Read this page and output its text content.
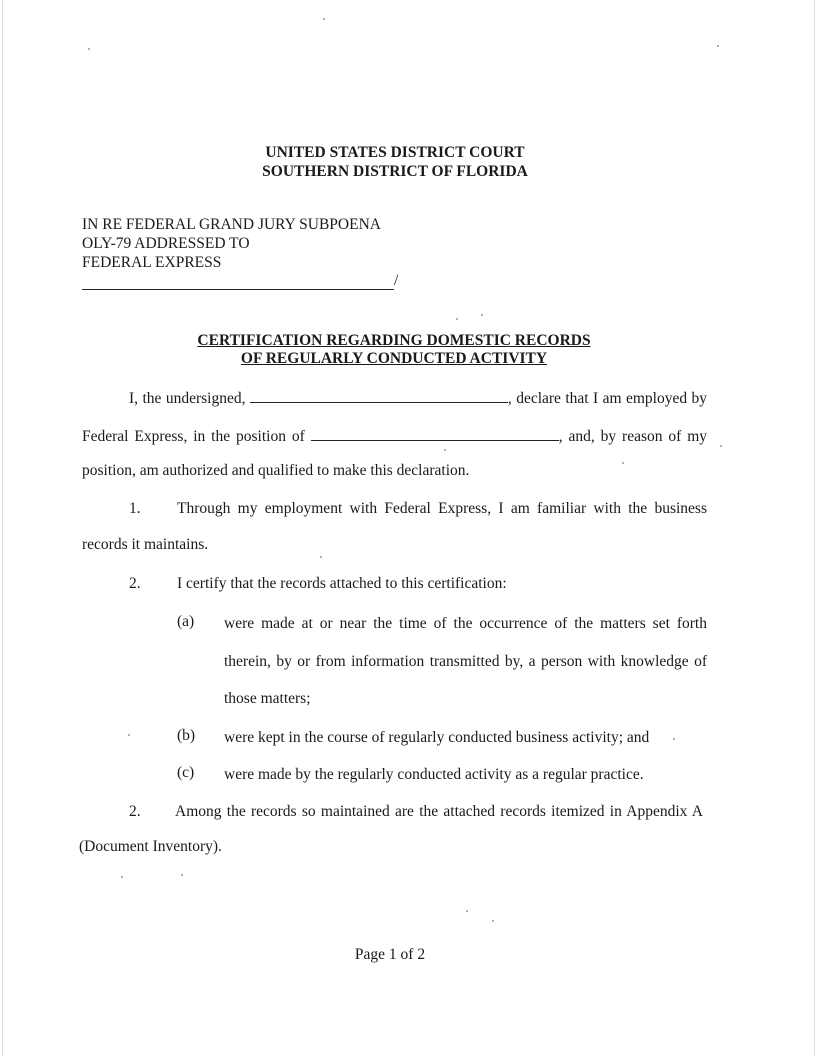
UNITED STATES DISTRICT COURT
SOUTHERN DISTRICT OF FLORIDA
IN RE FEDERAL GRAND JURY SUBPOENA
OLY-79 ADDRESSED TO
FEDERAL EXPRESS
/
CERTIFICATION REGARDING DOMESTIC RECORDS
OF REGULARLY CONDUCTED ACTIVITY
I, the undersigned,	, declare that I am employed by
Federal Express, in the position of	, and, by reason of my
position, am authorized and qualified to make this declaration.
1. Through my employment with Federal Express, I am familiar with the business
records it maintains.
2. I certify that the records attached to this certification:
(a) were made at or near the time of the occurrence of the matters set forth
therein, by or from information transmitted by, a person with knowledge of
those matters;
(b) were kept in the course of regularly conducted business activity; and
(c) were made by the regularly conducted activity as a regular practice.
2. Among the records so maintained are the attached records itemized in Appendix A
(Document Inventory).
Page 1 of 2
